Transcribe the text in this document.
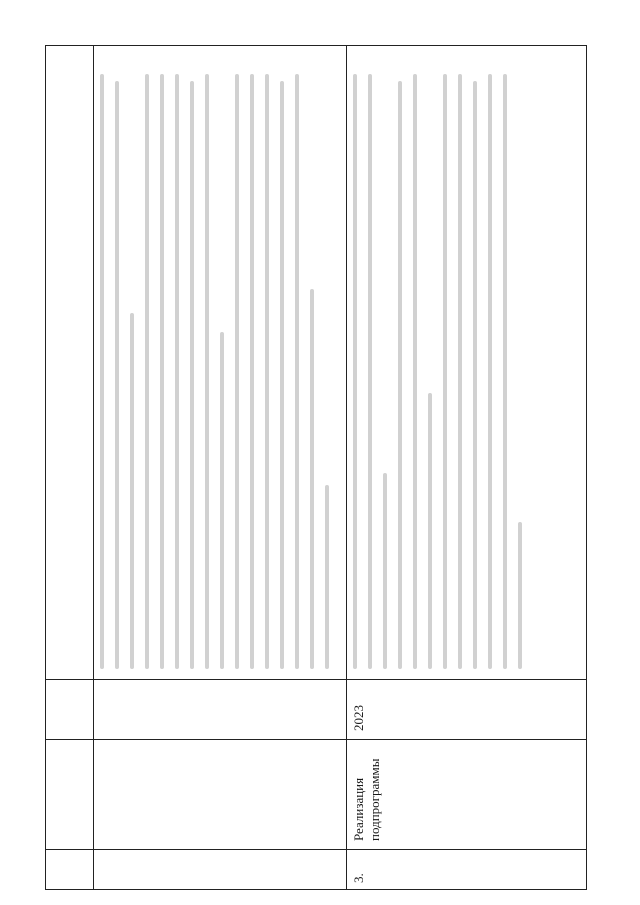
3.	Реализация подпрограммы	2023	
